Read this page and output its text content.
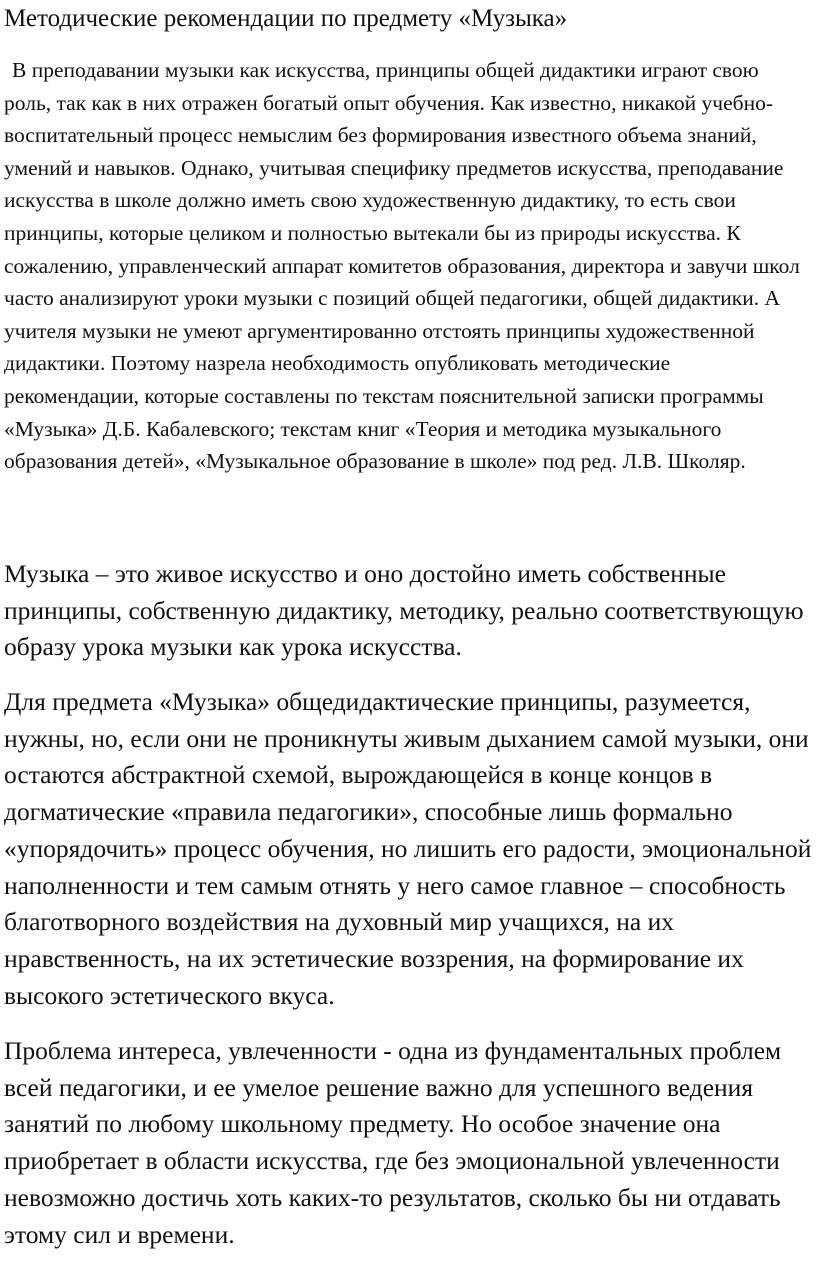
Методические рекомендации по предмету «Музыка»

В преподавании музыки как искусства, принципы общей дидактики играют свою роль, так как в них отражен богатый опыт обучения. Как известно, никакой учебно-воспитательный процесс немыслим без формирования известного объема знаний, умений и навыков. Однако, учитывая специфику предметов искусства, преподавание искусства в школе должно иметь свою художественную дидактику, то есть свои принципы, которые целиком и полностью вытекали бы из природы искусства. К сожалению, управленческий аппарат комитетов образования, директора и завучи школ часто анализируют уроки музыки с позиций общей педагогики, общей дидактики. А учителя музыки не умеют аргументированно отстоять принципы художественной дидактики. Поэтому назрела необходимость опубликовать методические рекомендации, которые составлены по текстам пояснительной записки программы «Музыка» Д.Б. Кабалевского; текстам книг «Теория и методика музыкального образования детей», «Музыкальное образование в школе» под ред. Л.В. Школяр.

Музыка – это живое искусство и оно достойно иметь собственные принципы, собственную дидактику, методику, реально соответствующую образу урока музыки как урока искусства.

Для предмета «Музыка» общедидактические принципы, разумеется, нужны, но, если они не проникнуты живым дыханием самой музыки, они остаются абстрактной схемой, вырождающейся в конце концов в догматические «правила педагогики», способные лишь формально «упорядочить» процесс обучения, но лишить его радости, эмоциональной наполненности и тем самым отнять у него самое главное – способность благотворного воздействия на духовный мир учащихся, на их нравственность, на их эстетические воззрения, на формирование их высокого эстетического вкуса.

Проблема интереса, увлеченности - одна из фундаментальных проблем всей педагогики, и ее умелое решение важно для успешного ведения занятий по любому школьному предмету. Но особое значение она приобретает в области искусства, где без эмоциональной увлеченности невозможно достичь хоть каких-то результатов, сколько бы ни отдавать этому сил и времени.
